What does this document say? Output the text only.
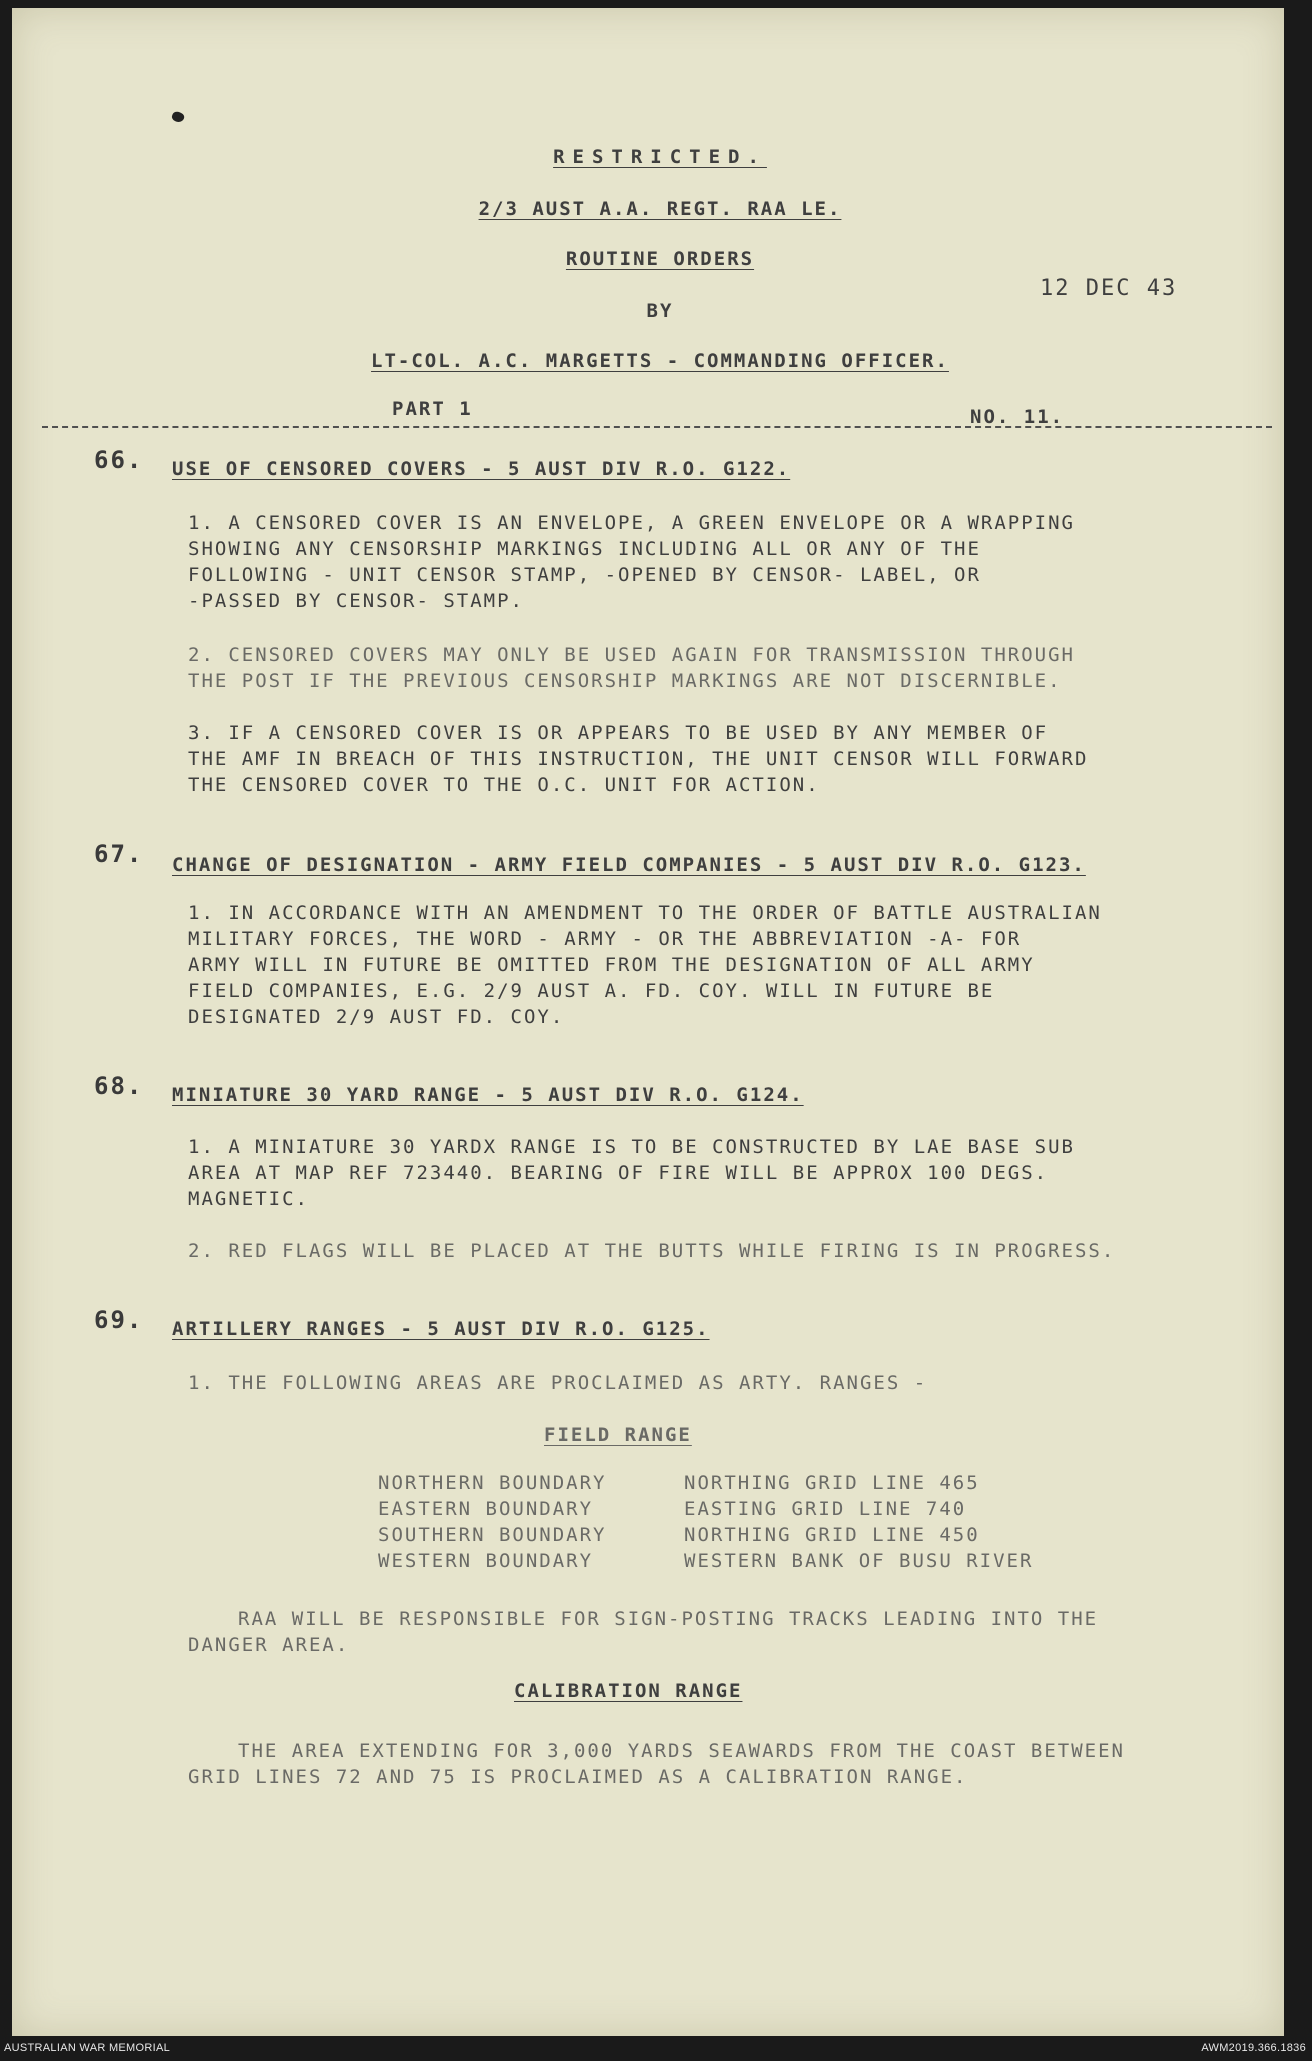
RESTRICTED.
2/3 AUST A.A. REGT. RAA LE.
ROUTINE ORDERS
BY
12 DEC 43
LT-COL. A.C. MARGETTS - COMMANDING OFFICER.
PART 1	NO. 11.
66. USE OF CENSORED COVERS - 5 AUST DIV R.O. G122.
1. A CENSORED COVER IS AN ENVELOPE, A GREEN ENVELOPE OR A WRAPPING
SHOWING ANY CENSORSHIP MARKINGS INCLUDING ALL OR ANY OF THE
FOLLOWING - UNIT CENSOR STAMP, -OPENED BY CENSOR- LABEL, OR
-PASSED BY CENSOR- STAMP.
2. CENSORED COVERS MAY ONLY BE USED AGAIN FOR TRANSMISSION THROUGH
THE POST IF THE PREVIOUS CENSORSHIP MARKINGS ARE NOT DISCERNIBLE.
3. IF A CENSORED COVER IS OR APPEARS TO BE USED BY ANY MEMBER OF
THE AMF IN BREACH OF THIS INSTRUCTION, THE UNIT CENSOR WILL FORWARD
THE CENSORED COVER TO THE O.C. UNIT FOR ACTION.
67. CHANGE OF DESIGNATION - ARMY FIELD COMPANIES - 5 AUST DIV R.O. G123.
1. IN ACCORDANCE WITH AN AMENDMENT TO THE ORDER OF BATTLE AUSTRALIAN
MILITARY FORCES, THE WORD - ARMY - OR THE ABBREVIATION -A- FOR
ARMY WILL IN FUTURE BE OMITTED FROM THE DESIGNATION OF ALL ARMY
FIELD COMPANIES, E.G. 2/9 AUST A. FD. COY. WILL IN FUTURE BE
DESIGNATED 2/9 AUST FD. COY.
68. MINIATURE 30 YARD RANGE - 5 AUST DIV R.O. G124.
1. A MINIATURE 30 YARDX RANGE IS TO BE CONSTRUCTED BY LAE BASE SUB
AREA AT MAP REF 723440. BEARING OF FIRE WILL BE APPROX 100 DEGS.
MAGNETIC.
2. RED FLAGS WILL BE PLACED AT THE BUTTS WHILE FIRING IS IN PROGRESS.
69. ARTILLERY RANGES - 5 AUST DIV R.O. G125.
1. THE FOLLOWING AREAS ARE PROCLAIMED AS ARTY. RANGES -
FIELD RANGE
NORTHERN BOUNDARY	NORTHING GRID LINE 465
EASTERN BOUNDARY	EASTING GRID LINE 740
SOUTHERN BOUNDARY	NORTHING GRID LINE 450
WESTERN BOUNDARY	WESTERN BANK OF BUSU RIVER
RAA WILL BE RESPONSIBLE FOR SIGN-POSTING TRACKS LEADING INTO THE
DANGER AREA.
CALIBRATION RANGE
THE AREA EXTENDING FOR 3,000 YARDS SEAWARDS FROM THE COAST BETWEEN
GRID LINES 72 AND 75 IS PROCLAIMED AS A CALIBRATION RANGE.
AUSTRALIAN WAR MEMORIAL	AWM2019.366.1836
